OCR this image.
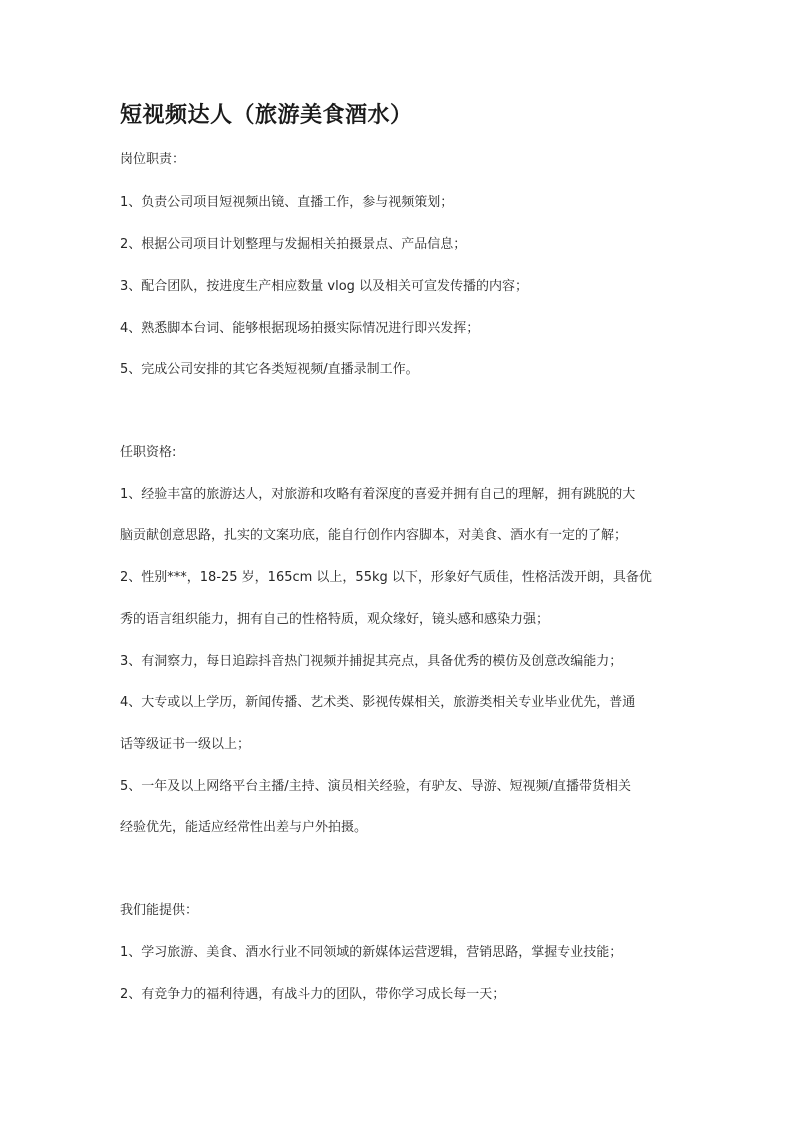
短视频达人（旅游美食酒水）

岗位职责：

1、负责公司项目短视频出镜、直播工作，参与视频策划；

2、根据公司项目计划整理与发掘相关拍摄景点、产品信息；

3、配合团队，按进度生产相应数量 vlog 以及相关可宣发传播的内容；

4、熟悉脚本台词、能够根据现场拍摄实际情况进行即兴发挥；

5、完成公司安排的其它各类短视频/直播录制工作。

任职资格:

1、经验丰富的旅游达人，对旅游和攻略有着深度的喜爱并拥有自己的理解，拥有跳脱的大

脑贡献创意思路，扎实的文案功底，能自行创作内容脚本，对美食、酒水有一定的了解；

2、性别***，18-25 岁，165cm 以上，55kg 以下，形象好气质佳，性格活泼开朗，具备优

秀的语言组织能力，拥有自己的性格特质，观众缘好，镜头感和感染力强；

3、有洞察力，每日追踪抖音热门视频并捕捉其亮点，具备优秀的模仿及创意改编能力；

4、大专或以上学历，新闻传播、艺术类、影视传媒相关，旅游类相关专业毕业优先，普通

话等级证书一级以上；

5、一年及以上网络平台主播/主持、演员相关经验，有驴友、导游、短视频/直播带货相关

经验优先，能适应经常性出差与户外拍摄。

我们能提供：

1、学习旅游、美食、酒水行业不同领域的新媒体运营逻辑，营销思路，掌握专业技能；

2、有竞争力的福利待遇，有战斗力的团队，带你学习成长每一天；
